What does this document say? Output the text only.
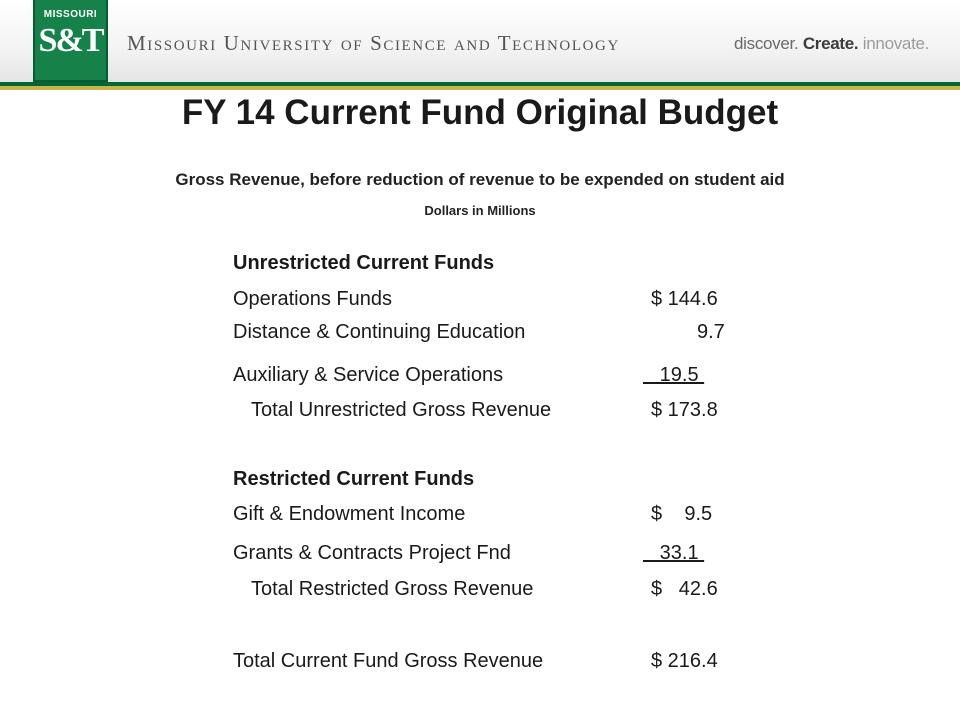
MISSOURI
S&T Missouri University of Science and Technology	discover. Create. innovate.
FY 14 Current Fund Original Budget
Gross Revenue, before reduction of revenue to be expended on student aid
Dollars in Millions
Unrestricted Current Funds
Operations Funds	$ 144.6
Distance & Continuing Education	9.7
Auxiliary & Service Operations	19.5
Total Unrestricted Gross Revenue	$ 173.8
Restricted Current Funds
Gift & Endowment Income	$    9.5
Grants & Contracts Project Fnd	33.1
Total Restricted Gross Revenue	$   42.6
Total Current Fund Gross Revenue	$ 216.4
